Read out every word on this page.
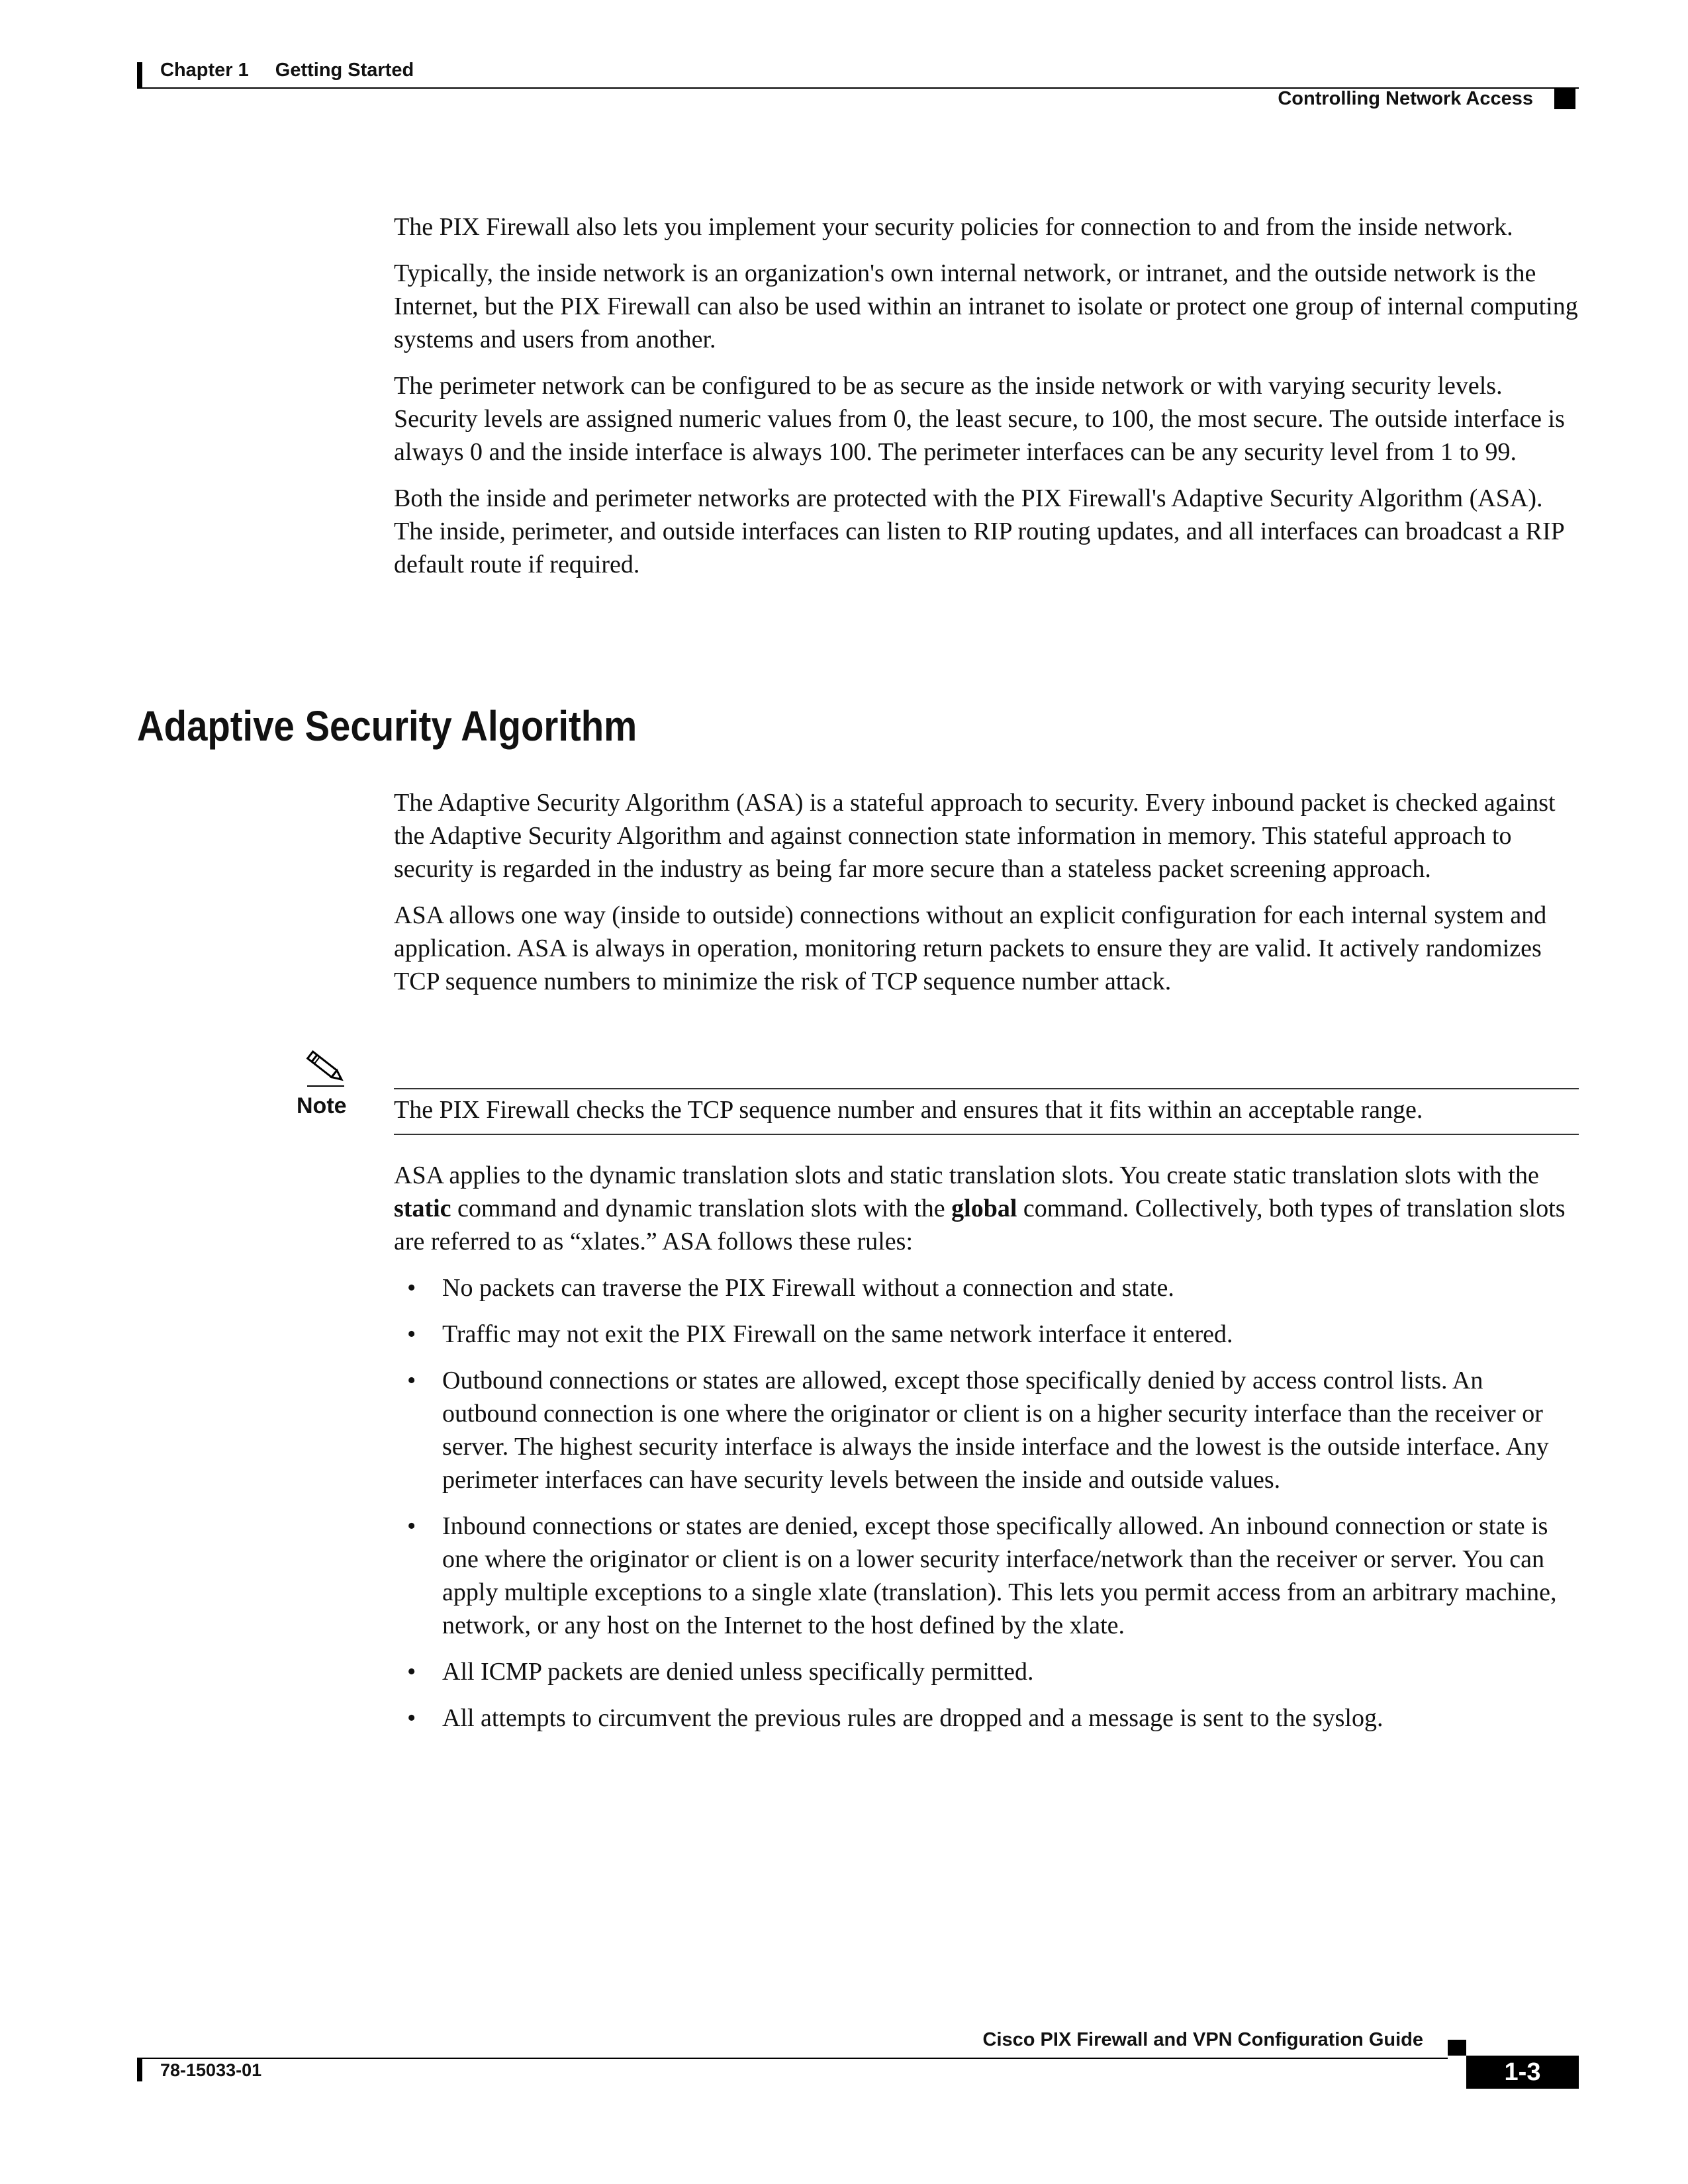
Chapter 1 Getting Started
Controlling Network Access

The PIX Firewall also lets you implement your security policies for connection to and from the inside network.

Typically, the inside network is an organization's own internal network, or intranet, and the outside network is the Internet, but the PIX Firewall can also be used within an intranet to isolate or protect one group of internal computing systems and users from another.

The perimeter network can be configured to be as secure as the inside network or with varying security levels. Security levels are assigned numeric values from 0, the least secure, to 100, the most secure. The outside interface is always 0 and the inside interface is always 100. The perimeter interfaces can be any security level from 1 to 99.

Both the inside and perimeter networks are protected with the PIX Firewall's Adaptive Security Algorithm (ASA). The inside, perimeter, and outside interfaces can listen to RIP routing updates, and all interfaces can broadcast a RIP default route if required.

Adaptive Security Algorithm

The Adaptive Security Algorithm (ASA) is a stateful approach to security. Every inbound packet is checked against the Adaptive Security Algorithm and against connection state information in memory. This stateful approach to security is regarded in the industry as being far more secure than a stateless packet screening approach.

ASA allows one way (inside to outside) connections without an explicit configuration for each internal system and application. ASA is always in operation, monitoring return packets to ensure they are valid. It actively randomizes TCP sequence numbers to minimize the risk of TCP sequence number attack.

Note The PIX Firewall checks the TCP sequence number and ensures that it fits within an acceptable range.

ASA applies to the dynamic translation slots and static translation slots. You create static translation slots with the static command and dynamic translation slots with the global command. Collectively, both types of translation slots are referred to as “xlates.” ASA follows these rules:

• No packets can traverse the PIX Firewall without a connection and state.
• Traffic may not exit the PIX Firewall on the same network interface it entered.
• Outbound connections or states are allowed, except those specifically denied by access control lists. An outbound connection is one where the originator or client is on a higher security interface than the receiver or server. The highest security interface is always the inside interface and the lowest is the outside interface. Any perimeter interfaces can have security levels between the inside and outside values.
• Inbound connections or states are denied, except those specifically allowed. An inbound connection or state is one where the originator or client is on a lower security interface/network than the receiver or server. You can apply multiple exceptions to a single xlate (translation). This lets you permit access from an arbitrary machine, network, or any host on the Internet to the host defined by the xlate.
• All ICMP packets are denied unless specifically permitted.
• All attempts to circumvent the previous rules are dropped and a message is sent to the syslog.
Cisco PIX Firewall and VPN Configuration Guide
78-15033-01	1-3
